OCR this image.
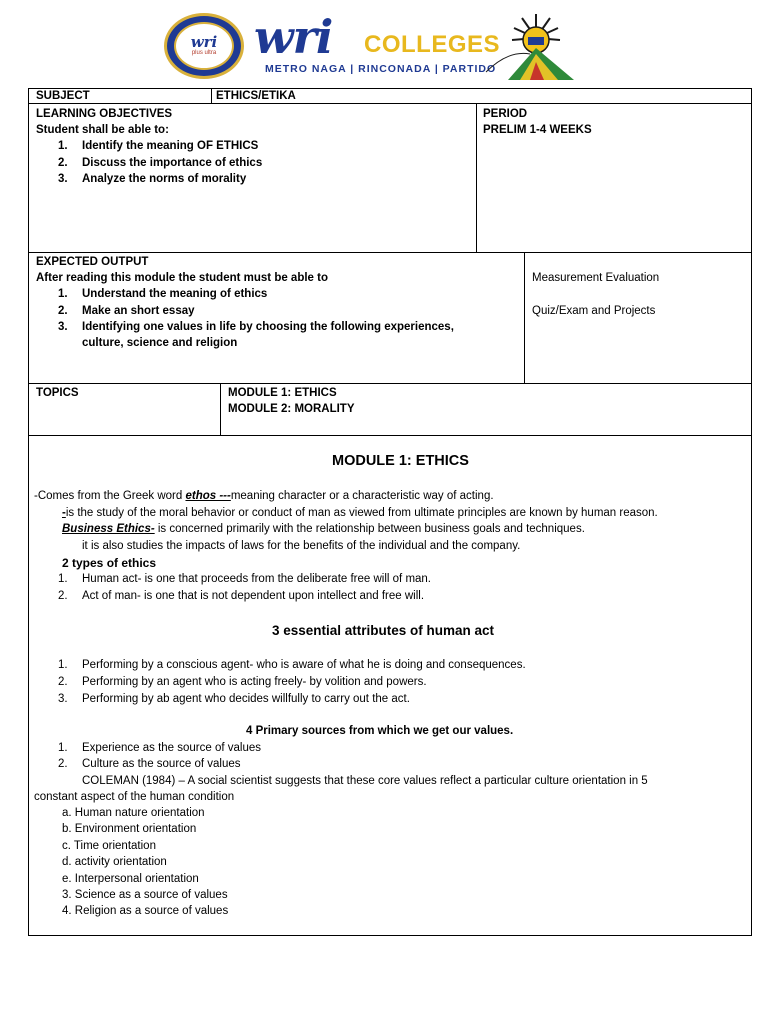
wri
plus ultra wri COLLEGES
METRO NAGA | RINCONADA | PARTIDO
SUBJECT	ETHICS/ETIKA
LEARNING OBJECTIVES
Student shall be able to:
1. Identify the meaning OF ETHICS
2. Discuss the importance of ethics
3. Analyze the norms of morality
PERIOD
PRELIM 1-4 WEEKS
EXPECTED OUTPUT
After reading this module the student must be able to
1. Understand the meaning of ethics
2. Make an short essay
3. Identifying one values in life by choosing the following experiences,
culture, science and religion
Measurement Evaluation
Quiz/Exam and Projects
TOPICS	MODULE 1: ETHICS
MODULE 2: MORALITY
MODULE 1: ETHICS
-Comes from the Greek word ethos ---meaning character or a characteristic way of acting.
-is the study of the moral behavior or conduct of man as viewed from ultimate principles are known by human reason.
Business Ethics- is concerned primarily with the relationship between business goals and techniques.
it is also studies the impacts of laws for the benefits of the individual and the company.
2 types of ethics
1. Human act- is one that proceeds from the deliberate free will of man.
2. Act of man- is one that is not dependent upon intellect and free will.
3 essential attributes of human act
1. Performing by a conscious agent- who is aware of what he is doing and consequences.
2. Performing by an agent who is acting freely- by volition and powers.
3. Performing by ab agent who decides willfully to carry out the act.
4 Primary sources from which we get our values.
1. Experience as the source of values
2. Culture as the source of values
COLEMAN (1984) – A social scientist suggests that these core values reflect a particular culture orientation in 5
constant aspect of the human condition
a. Human nature orientation
b. Environment orientation
c. Time orientation
d. activity orientation
e. Interpersonal orientation
3. Science as a source of values
4. Religion as a source of values
